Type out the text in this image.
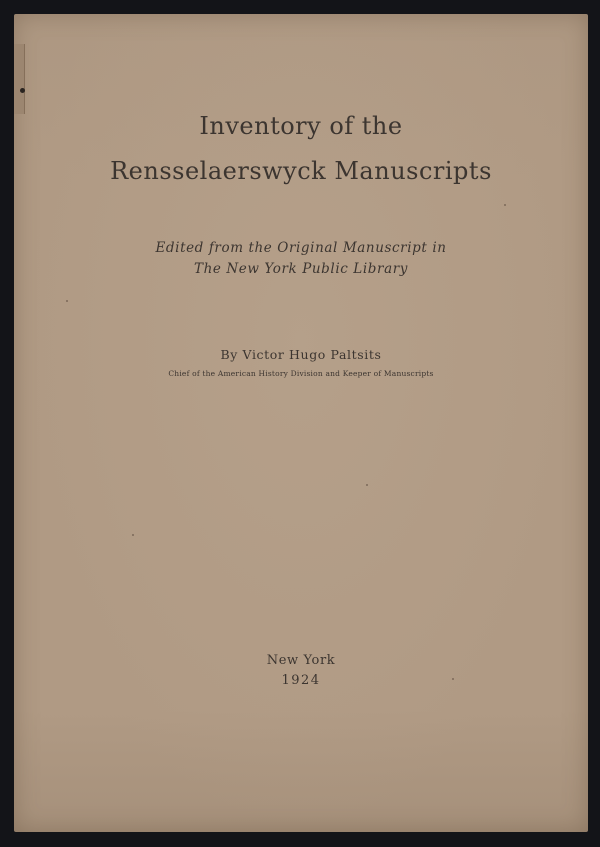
Inventory of the
Rensselaerswyck Manuscripts
Edited from the Original Manuscript in
The New York Public Library
By Victor Hugo Paltsits
Chief of the American History Division and Keeper of Manuscripts
New York
1924
